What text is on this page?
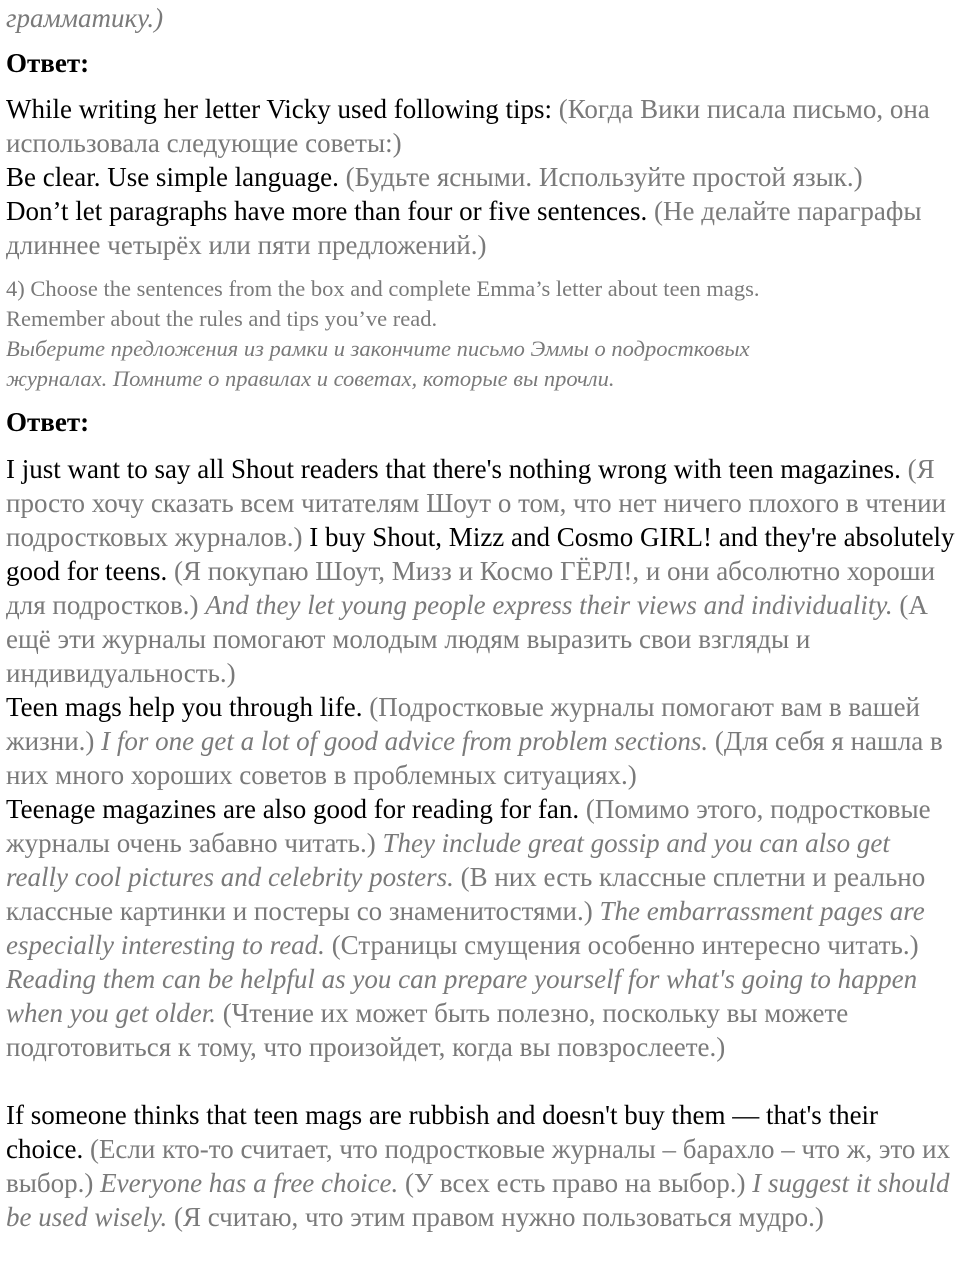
грамматику.)
Ответ:
While writing her letter Vicky used following tips: (Когда Вики писала письмо, она использовала следующие советы:)
Be clear. Use simple language. (Будьте ясными. Используйте простой язык.)
Don’t let paragraphs have more than four or five sentences. (Не делайте параграфы длиннее четырёх или пяти предложений.)
4) Choose the sentences from the box and complete Emma’s letter about teen mags.
Remember about the rules and tips you’ve read.
Выберите предложения из рамки и закончите письмо Эммы о подростковых
журналах. Помните о правилах и советах, которые вы прочли.
Ответ:
I just want to say all Shout readers that there's nothing wrong with teen magazines. (Я просто хочу сказать всем читателям Шоут о том, что нет ничего плохого в чтении подростковых журналов.) I buy Shout, Mizz and Cosmo GIRL! and they're absolutely good for teens. (Я покупаю Шоут, Мизз и Космо ГЁРЛ!, и они абсолютно хороши для подростков.) And they let young people express their views and individuality. (А ещё эти журналы помогают молодым людям выразить свои взгляды и индивидуальность.)
Teen mags help you through life. (Подростковые журналы помогают вам в вашей жизни.) I for one get a lot of good advice from problem sections. (Для себя я нашла в них много хороших советов в проблемных ситуациях.)
Teenage magazines are also good for reading for fan. (Помимо этого, подростковые журналы очень забавно читать.) They include great gossip and you can also get really cool pictures and celebrity posters. (В них есть классные сплетни и реально классные картинки и постеры со знаменитостями.) The embarrassment pages are especially interesting to read. (Страницы смущения особенно интересно читать.) Reading them can be helpful as you can prepare yourself for what's going to happen when you get older. (Чтение их может быть полезно, поскольку вы можете подготовиться к тому, что произойдет, когда вы повзрослеете.)
If someone thinks that teen mags are rubbish and doesn't buy them — that's their choice. (Если кто-то считает, что подростковые журналы – барахло – что ж, это их выбор.) Everyone has a free choice. (У всех есть право на выбор.) I suggest it should be used wisely. (Я считаю, что этим правом нужно пользоваться мудро.)
